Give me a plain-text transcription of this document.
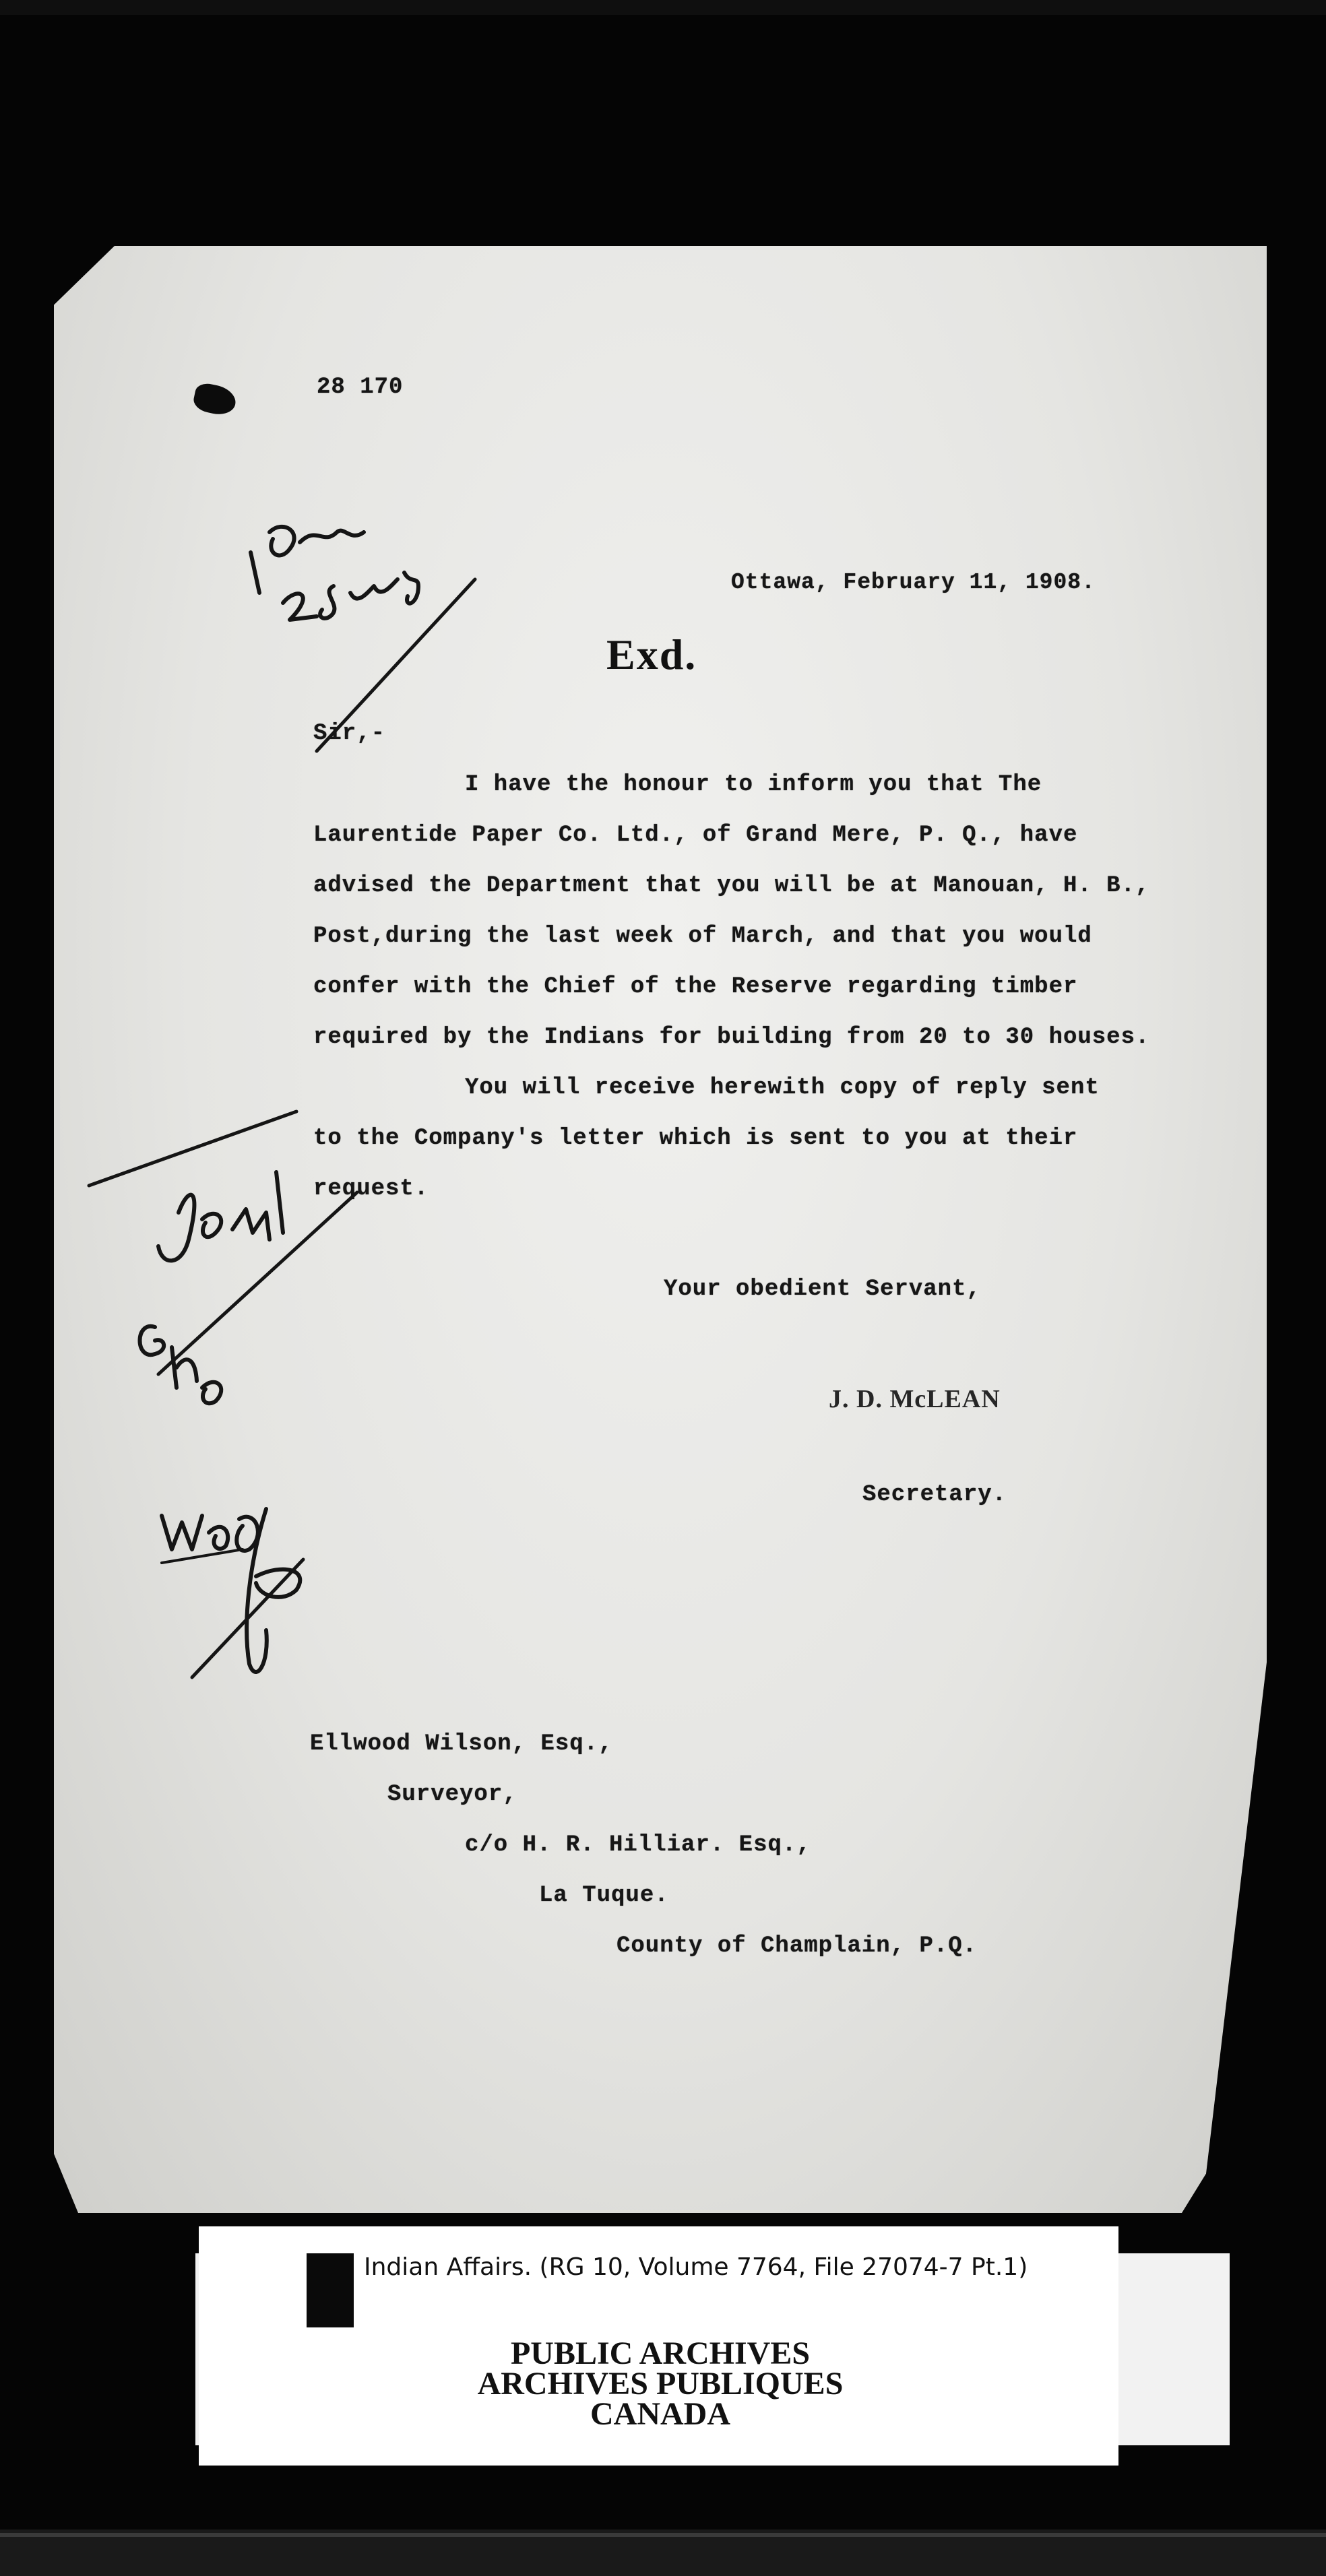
28 170
Ottawa, February 11, 1908.
Exd.
Sir,-
I have the honour to inform you that The
Laurentide Paper Co. Ltd., of Grand Mere, P. Q., have
advised the Department that you will be at Manouan, H. B.,
Post,during the last week of March, and that you would
confer with the Chief of the Reserve regarding timber
required by the Indians for building from 20 to 30 houses.
You will receive herewith copy of reply sent
to the Company's letter which is sent to you at their
request.
Your obedient Servant,
J. D. McLEAN
Secretary.
Ellwood Wilson, Esq.,
Surveyor,
c/o H. R. Hilliar. Esq.,
La Tuque.
County of Champlain, P.Q.
Indian Affairs. (RG 10, Volume 7764, File 27074-7 Pt.1)
PUBLIC ARCHIVES
ARCHIVES PUBLIQUES
CANADA
